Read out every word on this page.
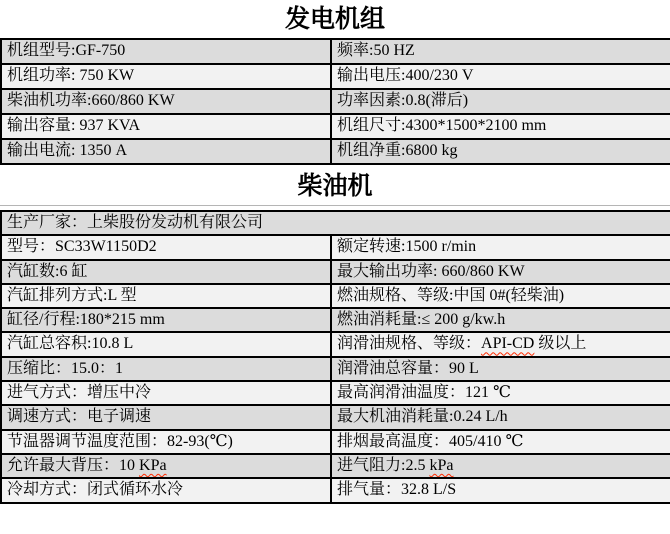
发电机组
机组型号:GF-750	频率:50 HZ
机组功率: 750 KW	输出电压:400/230 V
柴油机功率:660/860 KW	功率因素:0.8(滞后)
输出容量: 937 KVA	机组尺寸:4300*1500*2100 mm
输出电流: 1350 A	机组净重:6800 kg
柴油机
生产厂家：上柴股份发动机有限公司	
型号：SC33W1150D2	额定转速:1500 r/min
汽缸数:6 缸	最大输出功率: 660/860 KW
汽缸排列方式:L 型	燃油规格、等级:中国 0#(轻柴油)
缸径/行程:180*215 mm	燃油消耗量:≤ 200 g/kw.h
汽缸总容积:10.8 L	润滑油规格、等级：API-CD 级以上
压缩比：15.0：1	润滑油总容量：90 L
进气方式：增压中冷	最高润滑油温度：121 ℃
调速方式：电子调速	最大机油消耗量:0.24 L/h
节温器调节温度范围：82-93(℃)	排烟最高温度：405/410 ℃
允许最大背压：10 KPa	进气阻力:2.5 kPa
冷却方式：闭式循环水冷	排气量：32.8 L/S
